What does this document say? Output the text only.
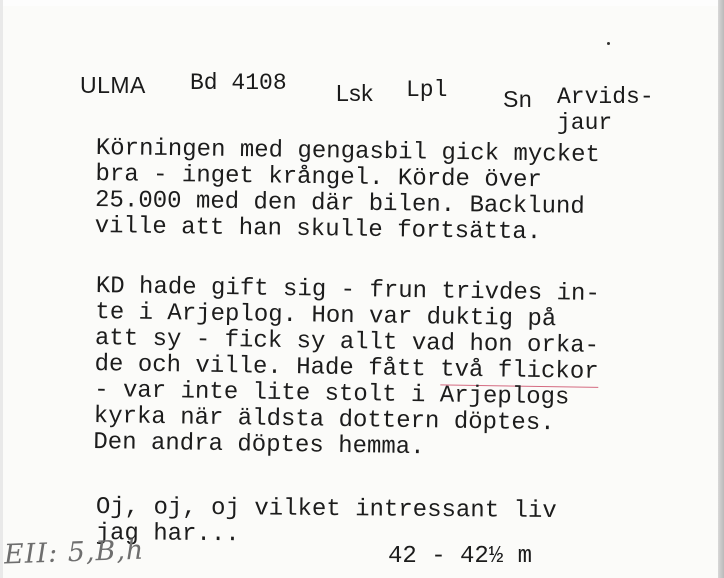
ULMA Bd 4108 Lsk Lpl Sn Arvids-
jaur
Körningen med gengasbil gick mycket
bra - inget krångel. Körde över
25.000 med den där bilen. Backlund
ville att han skulle fortsätta.
KD hade gift sig - frun trivdes in-
te i Arjeplog. Hon var duktig på
att sy - fick sy allt vad hon orka-
de och ville. Hade fått två flickor
- var inte lite stolt i Arjeplogs
kyrka när äldsta dottern döptes.
Den andra döptes hemma.
Oj, oj, oj vilket intressant liv
jag har...
42 - 42½ m
EII: 5,B,h
